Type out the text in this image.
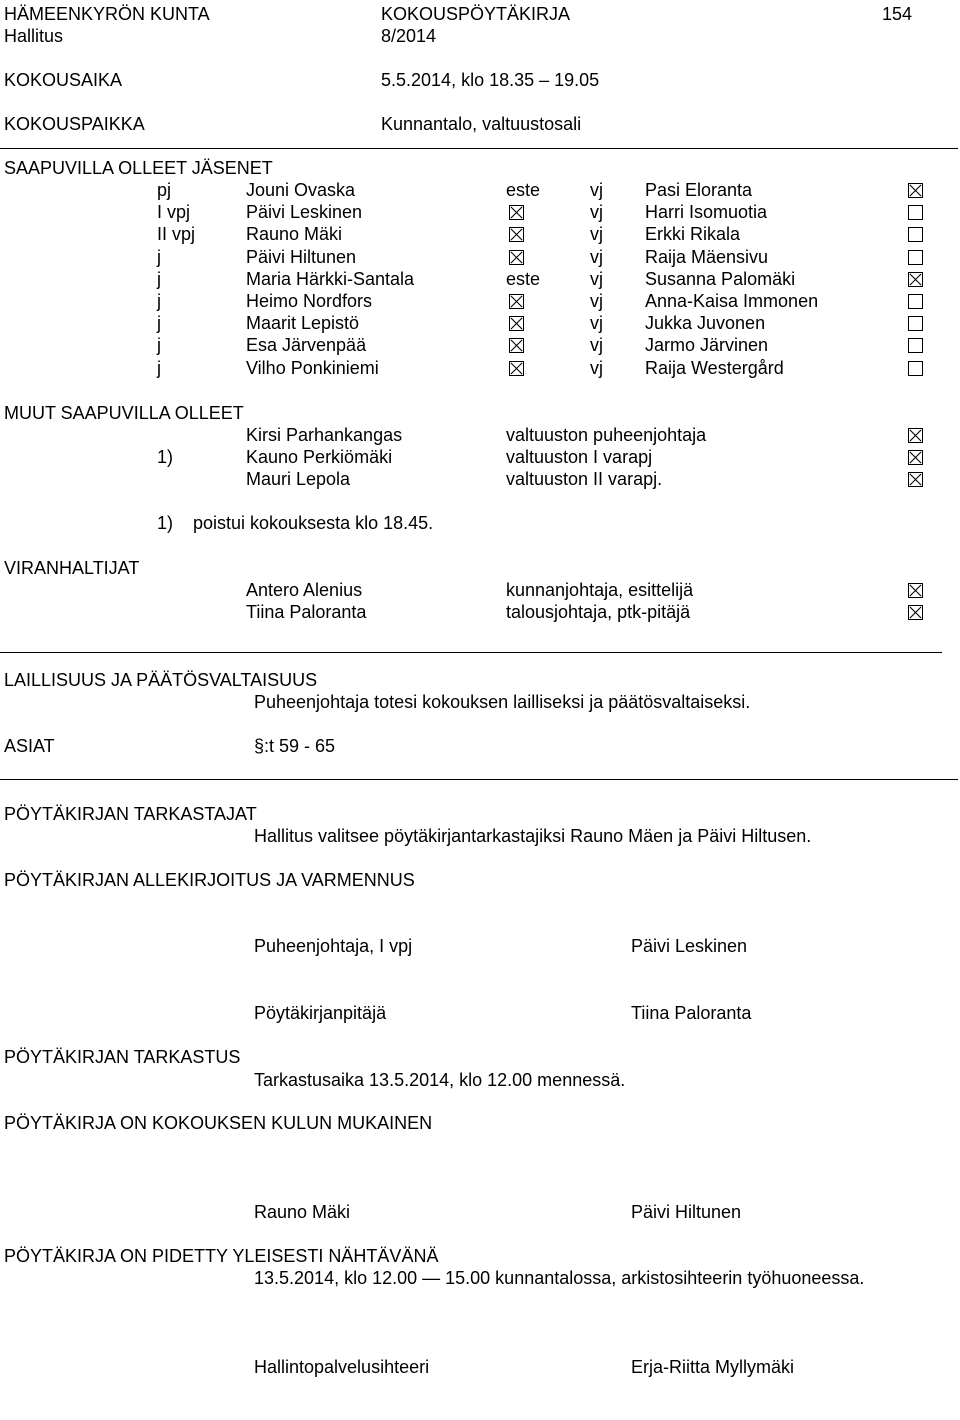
HÄMEENKYRÖN KUNTA
Hallitus
KOKOUSPÖYTÄKIRJA
8/2014
154
KOKOUSAIKA	5.5.2014, klo 18.35 – 19.05
KOKOUSPAIKKA	Kunnantalo, valtuustosali
SAAPUVILLA OLLEET JÄSENET
pj	Jouni Ovaska	este	vj Pasi Eloranta
I vpj	Päivi Leskinen	vj Harri Isomuotia
II vpj	Rauno Mäki	vj Erkki Rikala
j	Päivi Hiltunen	vj Raija Mäensivu
j	Maria Härkki-Santala	este	vj Susanna Palomäki
j	Heimo Nordfors	vj Anna-Kaisa Immonen
j	Maarit Lepistö	vj Jukka Juvonen
j	Esa Järvenpää	vj Jarmo Järvinen
j	Vilho Ponkiniemi	vj Raija Westergård
MUUT SAAPUVILLA OLLEET
Kirsi Parhankangas	valtuuston puheenjohtaja
1)	Kauno Perkiömäki	valtuuston I varapj
Mauri Lepola	valtuuston II varapj.
1) poistui kokouksesta klo 18.45.
VIRANHALTIJAT
Antero Alenius	kunnanjohtaja, esittelijä
Tiina Paloranta	talousjohtaja, ptk-pitäjä
LAILLISUUS JA PÄÄTÖSVALTAISUUS
Puheenjohtaja totesi kokouksen lailliseksi ja päätösvaltaiseksi.
ASIAT	§:t 59 - 65
PÖYTÄKIRJAN TARKASTAJAT
Hallitus valitsee pöytäkirjantarkastajiksi Rauno Mäen ja Päivi Hiltusen.
PÖYTÄKIRJAN ALLEKIRJOITUS JA VARMENNUS
Puheenjohtaja, I vpj	Päivi Leskinen
Pöytäkirjanpitäjä	Tiina Paloranta
PÖYTÄKIRJAN TARKASTUS
Tarkastusaika 13.5.2014, klo 12.00 mennessä.
PÖYTÄKIRJA ON KOKOUKSEN KULUN MUKAINEN
Rauno Mäki	Päivi Hiltunen
PÖYTÄKIRJA ON PIDETTY YLEISESTI NÄHTÄVÄNÄ
13.5.2014, klo 12.00 — 15.00 kunnantalossa, arkistosihteerin työhuoneessa.
Hallintopalvelusihteeri	Erja-Riitta Myllymäki
